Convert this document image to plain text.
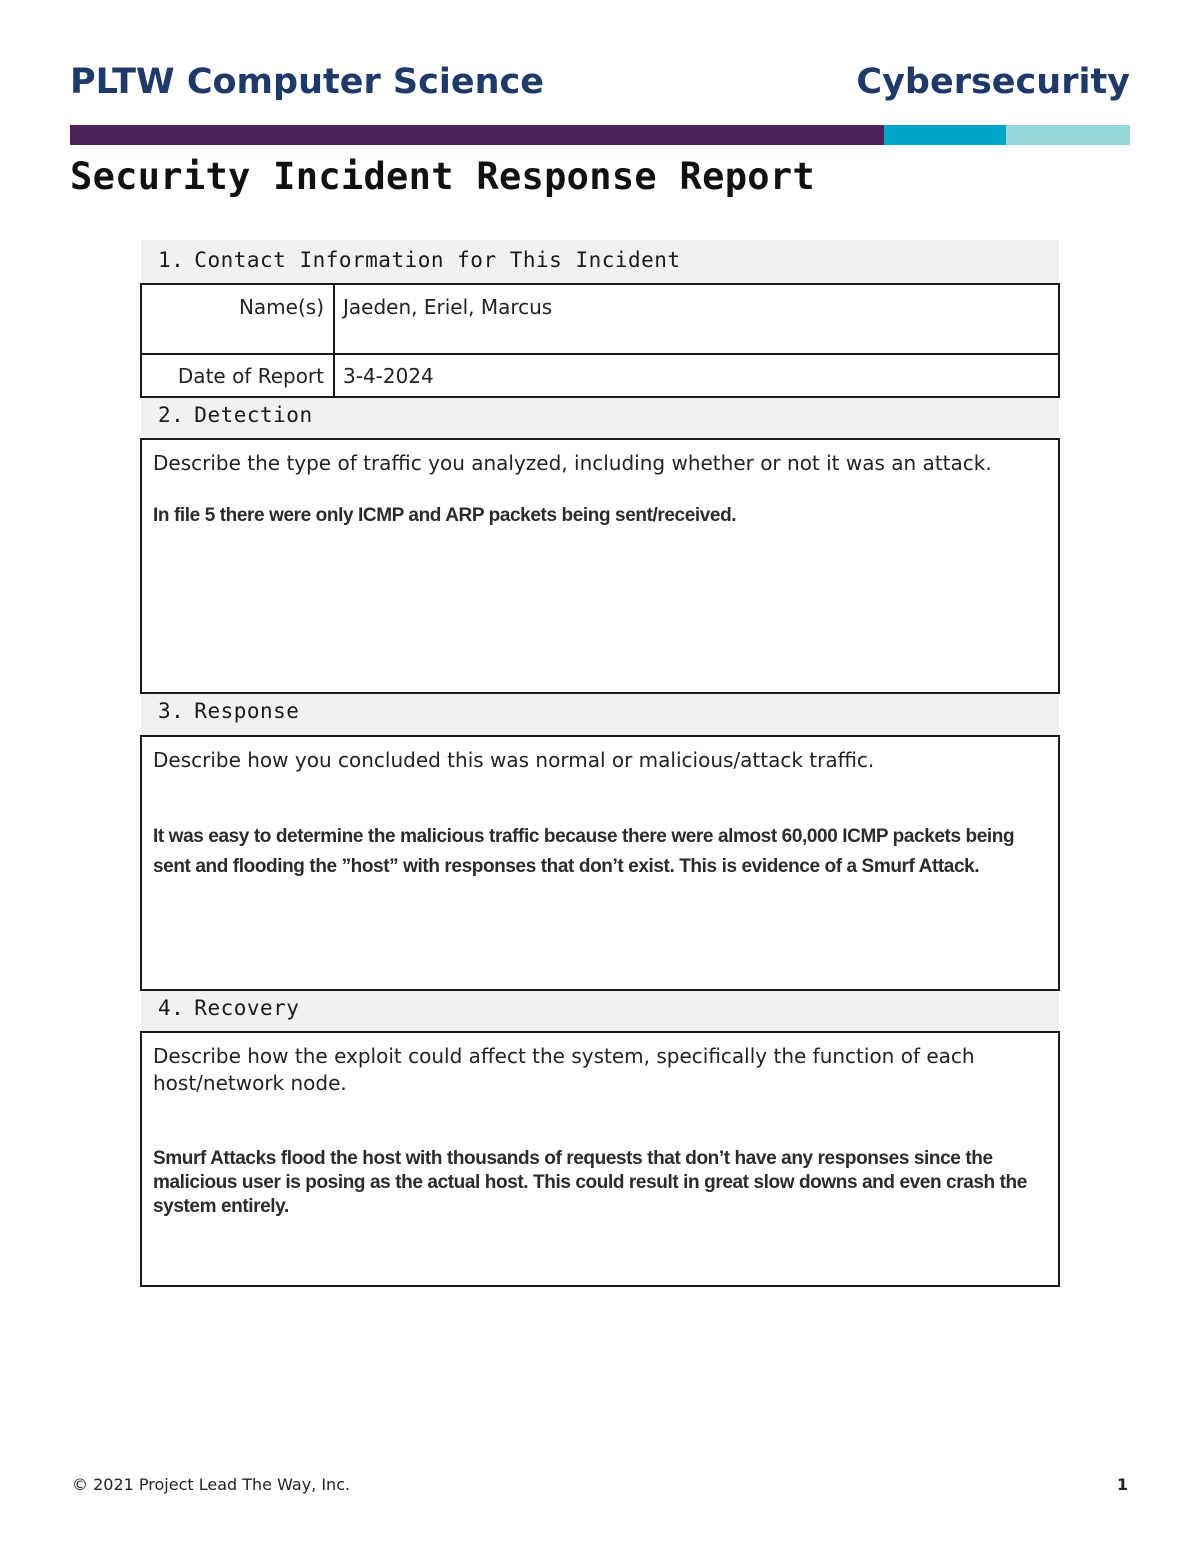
PLTW Computer Science	Cybersecurity
Security Incident Response Report
1. Contact Information for This Incident
Name(s)	Jaeden, Eriel, Marcus
Date of Report	3-4-2024
2. Detection

Describe the type of traffic you analyzed, including whether or not it was an attack.

In file 5 there were only ICMP and ARP packets being sent/received.

3. Response

Describe how you concluded this was normal or malicious/attack traffic.

It was easy to determine the malicious traffic because there were almost 60,000 ICMP packets being sent and flooding the ”host” with responses that don’t exist. This is evidence of a Smurf Attack.

4. Recovery

Describe how the exploit could affect the system, specifically the function of each host/network node.

Smurf Attacks flood the host with thousands of requests that don’t have any responses since the malicious user is posing as the actual host. This could result in great slow downs and even crash the system entirely.

© 2021 Project Lead The Way, Inc.	1
